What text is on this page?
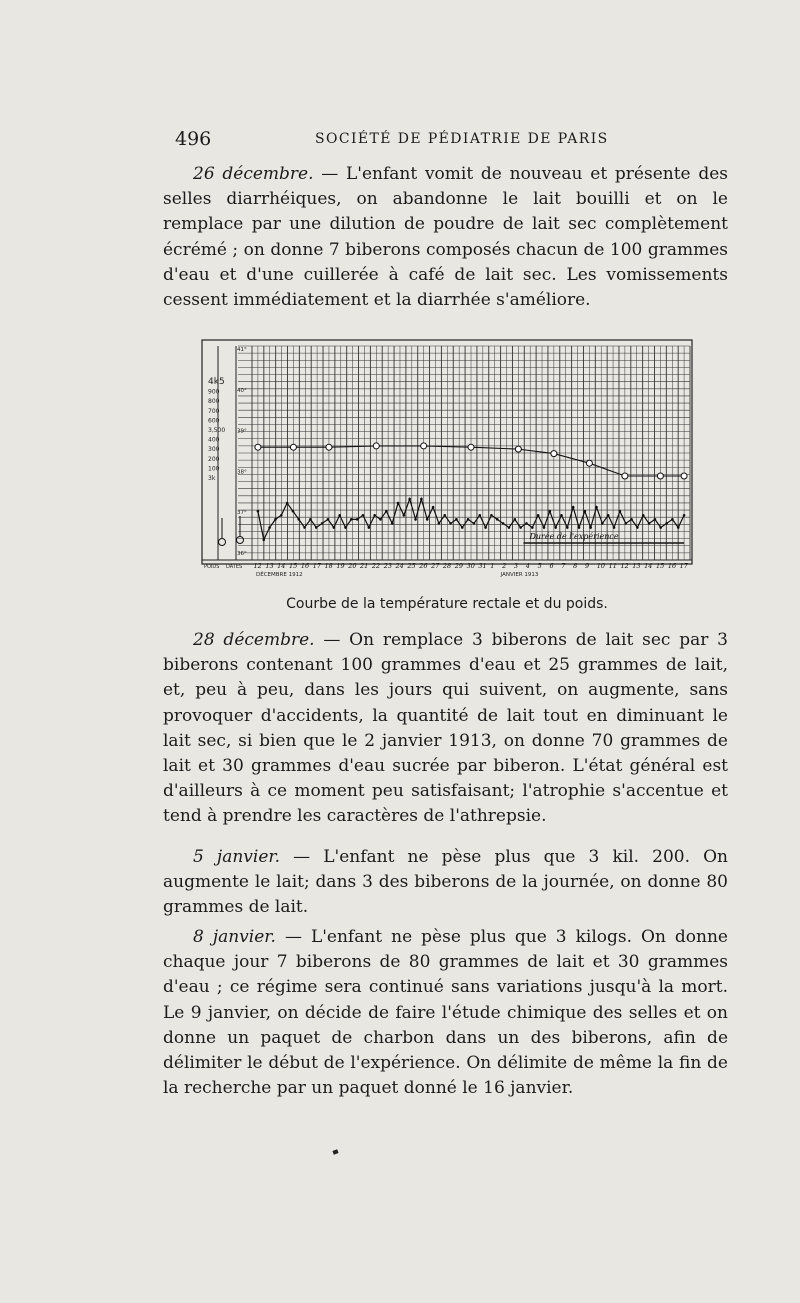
496	SOCIÉTÉ DE PÉDIATRIE DE PARIS

26 décembre. — L'enfant vomit de nouveau et présente des selles diarrhéiques, on abandonne le lait bouilli et on le remplace par une dilution de poudre de lait sec complètement écrémé ; on donne 7 biberons composés chacun de 100 grammes d'eau et d'une cuillerée à café de lait sec. Les vomissements cessent immédiatement et la diarrhée s'améliore.

4k5
900
800
700
600
3,500
400
300
200
100
3k
41°
40°
39°
38°
37°
36°
Durée de l'expérience
POIDS DATES 12 13 14 15 16 17 18 19 20 21 22 23 24 25 26 27 28 29 30 31 1 2 3 4 5 6 7 8 9 10 11 12 13 14 15 16 17
DÉCEMBRE 1912	JANVIER 1913
Courbe de la température rectale et du poids.

28 décembre. — On remplace 3 biberons de lait sec par 3 biberons contenant 100 grammes d'eau et 25 grammes de lait, et, peu à peu, dans les jours qui suivent, on augmente, sans provoquer d'accidents, la quantité de lait tout en diminuant le lait sec, si bien que le 2 janvier 1913, on donne 70 grammes de lait et 30 grammes d'eau sucrée par biberon. L'état général est d'ailleurs à ce moment peu satisfaisant; l'atrophie s'accentue et tend à prendre les caractères de l'athrepsie.

5 janvier. — L'enfant ne pèse plus que 3 kil. 200. On augmente le lait; dans 3 des biberons de la journée, on donne 80 grammes de lait.

8 janvier. — L'enfant ne pèse plus que 3 kilogs. On donne chaque jour 7 biberons de 80 grammes de lait et 30 grammes d'eau ; ce régime sera continué sans variations jusqu'à la mort. Le 9 janvier, on décide de faire l'étude chimique des selles et on donne un paquet de charbon dans un des biberons, afin de délimiter le début de l'expérience. On délimite de même la fin de la recherche par un paquet donné le 16 janvier.
